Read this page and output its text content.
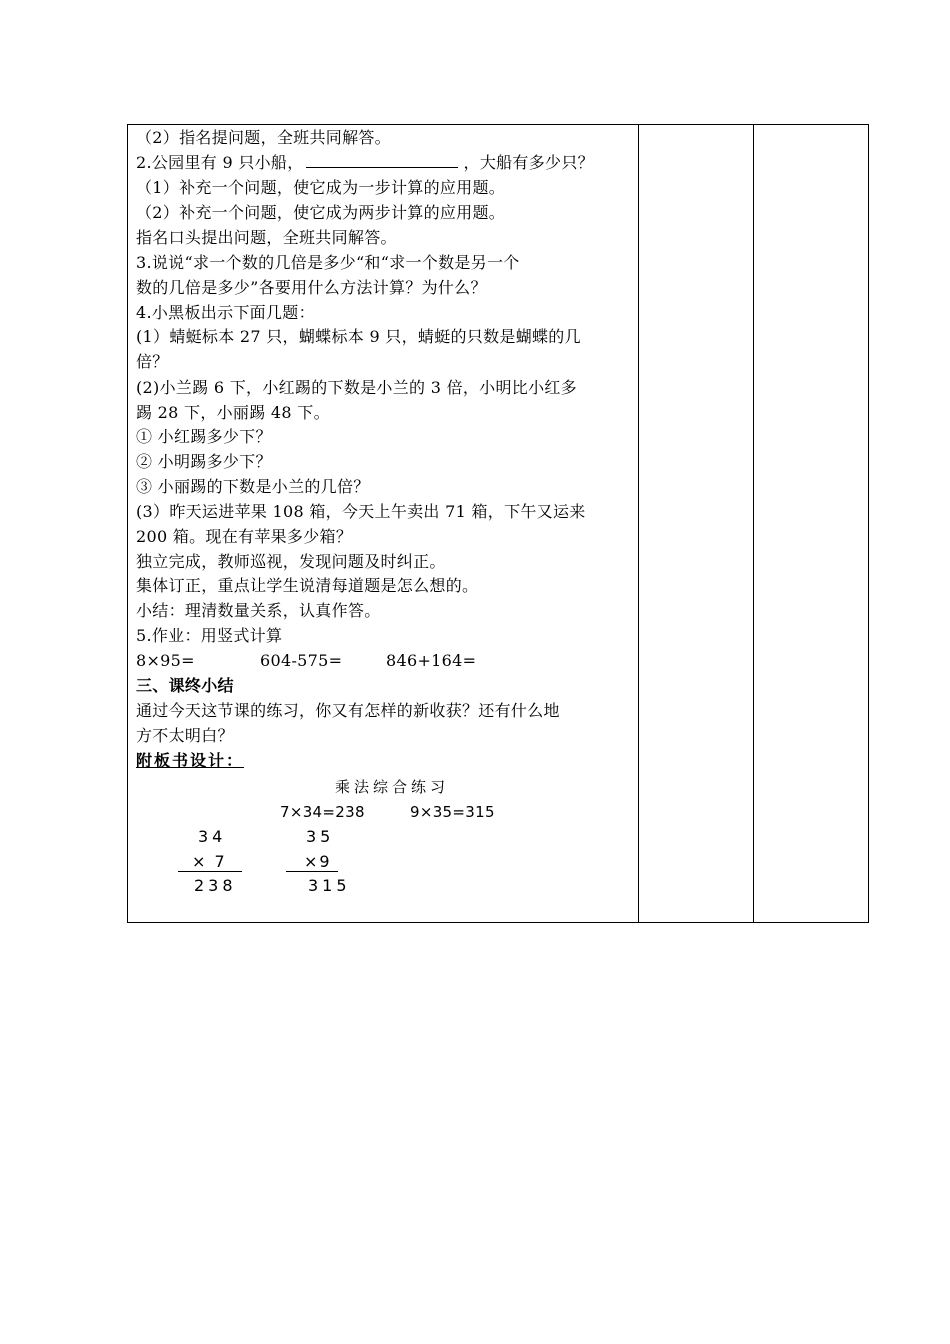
（2）指名提问题，全班共同解答。
2.公园里有 9 只小船，	，大船有多少只？
（1）补充一个问题，使它成为一步计算的应用题。
（2）补充一个问题，使它成为两步计算的应用题。
指名口头提出问题，全班共同解答。
3.说说“求一个数的几倍是多少“和“求一个数是另一个
数的几倍是多少”各要用什么方法计算？为什么？
4.小黑板出示下面几题：
(1）蜻蜓标本 27 只，蝴蝶标本 9 只，蜻蜓的只数是蝴蝶的几
倍？
(2)小兰踢 6 下，小红踢的下数是小兰的 3 倍，小明比小红多
踢 28 下，小丽踢 48 下。
① 小红踢多少下？
② 小明踢多少下？
③ 小丽踢的下数是小兰的几倍？
(3）昨天运进苹果 108 箱，今天上午卖出 71 箱，下午又运来
200 箱。现在有苹果多少箱？
独立完成，教师巡视，发现问题及时纠正。
集体订正，重点让学生说清每道题是怎么想的。
小结：理清数量关系，认真作答。
5.作业：用竖式计算
8×95=	604-575=	846+164=
三、课终小结
通过今天这节课的练习，你又有怎样的新收获？还有什么地
方不太明白？
附板书设计：
乘法综合练习
7×34=238	9×35=315
34
× 7
238
35
×9
315
